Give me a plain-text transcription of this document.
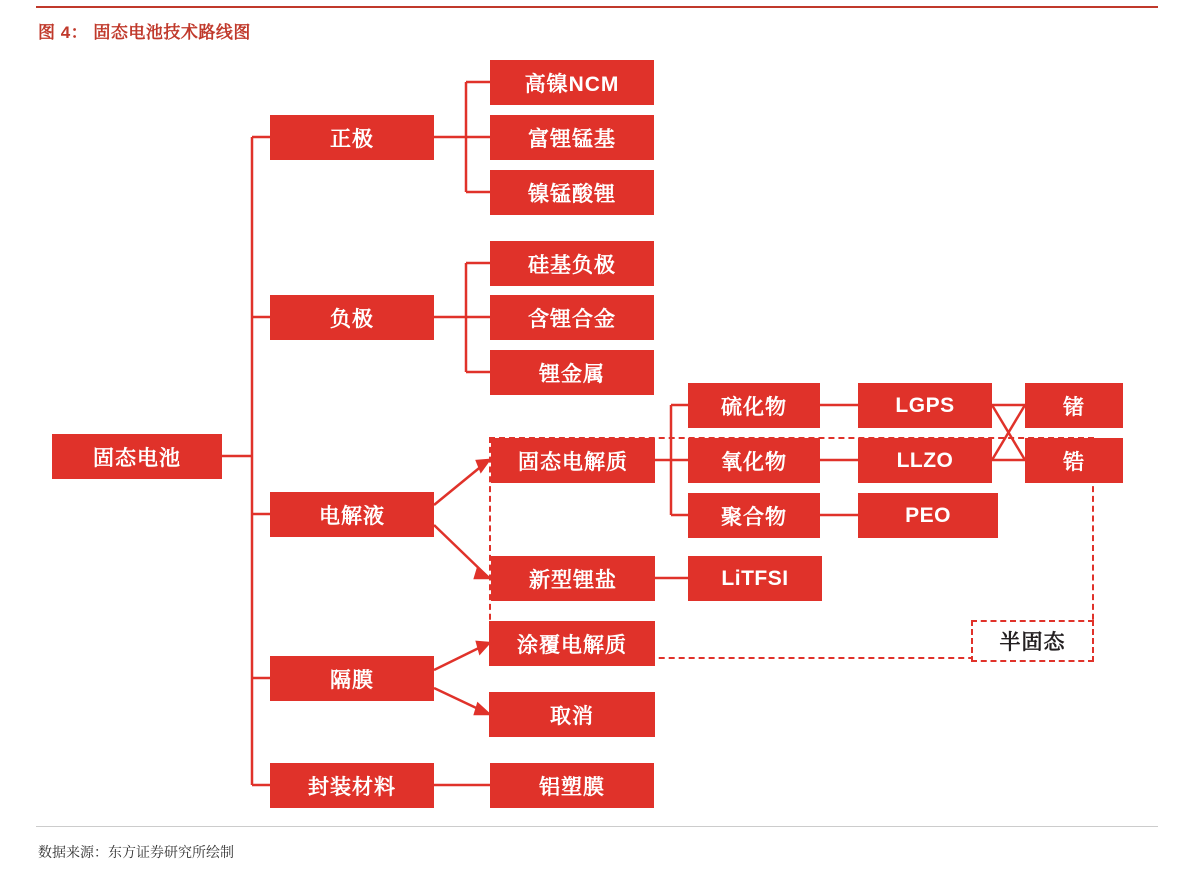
图 4： 固态电池技术路线图
固态电池
正极
高镍NCM
富锂锰基
镍锰酸锂
负极
硅基负极
含锂合金
锂金属
电解液
固态电解质
硫化物
氧化物
聚合物
LGPS
LLZO
PEO
锗
锆
新型锂盐	LiTFSI
隔膜
涂覆电解质
取消
封装材料	铝塑膜
半固态
数据来源：东方证券研究所绘制
